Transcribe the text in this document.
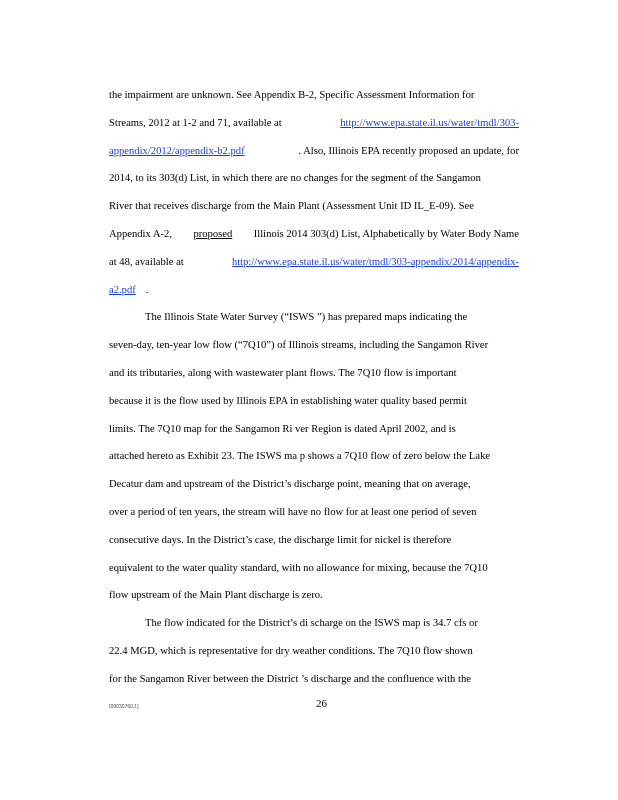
the impairment are unknown. See Appendix B-2, Specific Assessment Information for
Streams, 2012 at 1-2 and 71, available at	http://www.epa.state.il.us/water/tmdl/303-
appendix/2012/appendix-b2.pdf	. Also, Illinois EPA recently proposed an update, for
2014, to its 303(d) List, in which there are no changes for the segment of the Sangamon
River that receives discharge from the Main Plant (Assessment Unit ID IL_E-09). See
Appendix A-2, proposed Illinois 2014 303(d) List, Alphabetically by Water Body Name
at 48, available at	http://www.epa.state.il.us/water/tmdl/303-appendix/2014/appendix-
a2.pdf .
The Illinois State Water Survey (“ISWS ”) has prepared maps indicating the
seven-day, ten-year low flow (“7Q10”) of Illinois streams, including the Sangamon River
and its tributaries, along with wastewater plant flows. The 7Q10 flow is important
because it is the flow used by Illinois EPA in establishing water quality based permit
limits. The 7Q10 map for the Sangamon Ri ver Region is dated April 2002, and is
attached hereto as Exhibit 23. The ISWS ma p shows a 7Q10 flow of zero below the Lake
Decatur dam and upstream of the District’s discharge point, meaning that on average,
over a period of ten years, the stream will have no flow for at least one period of seven
consecutive days. In the District’s case, the discharge limit for nickel is therefore
equivalent to the water quality standard, with no allowance for mixing, because the 7Q10
flow upstream of the Main Plant discharge is zero.
The flow indicated for the District’s di scharge on the ISWS map is 34.7 cfs or
22.4 MGD, which is representative for dry weather conditions. The 7Q10 flow shown
for the Sangamon River between the District ’s discharge and the confluence with the
{00030760.1}	26
